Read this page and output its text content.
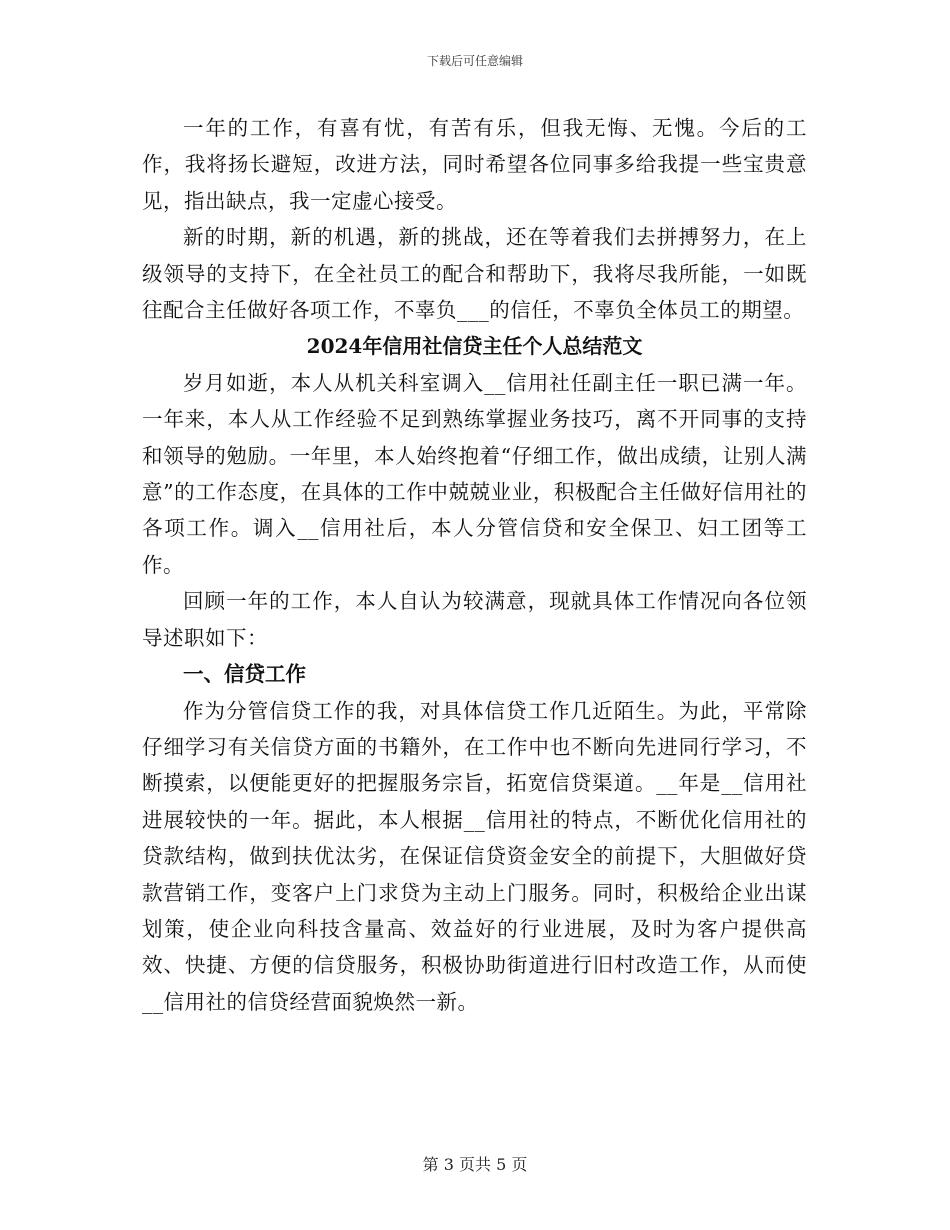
下载后可任意编辑

一年的工作，有喜有忧，有苦有乐，但我无悔、无愧。今后的工作，我将扬长避短，改进方法，同时希望各位同事多给我提一些宝贵意见，指出缺点，我一定虚心接受。

新的时期，新的机遇，新的挑战，还在等着我们去拼搏努力，在上级领导的支持下，在全社员工的配合和帮助下，我将尽我所能，一如既往配合主任做好各项工作，不辜负___的信任，不辜负全体员工的期望。

2024年信用社信贷主任个人总结范文

岁月如逝，本人从机关科室调入__信用社任副主任一职已满一年。一年来，本人从工作经验不足到熟练掌握业务技巧，离不开同事的支持和领导的勉励。一年里，本人始终抱着“仔细工作，做出成绩，让别人满意”的工作态度，在具体的工作中兢兢业业，积极配合主任做好信用社的各项工作。调入__信用社后，本人分管信贷和安全保卫、妇工团等工作。

回顾一年的工作，本人自认为较满意，现就具体工作情况向各位领导述职如下：

一、信贷工作

作为分管信贷工作的我，对具体信贷工作几近陌生。为此，平常除仔细学习有关信贷方面的书籍外，在工作中也不断向先进同行学习，不断摸索，以便能更好的把握服务宗旨，拓宽信贷渠道。__年是__信用社进展较快的一年。据此，本人根据__信用社的特点，不断优化信用社的贷款结构，做到扶优汰劣，在保证信贷资金安全的前提下，大胆做好贷款营销工作，变客户上门求贷为主动上门服务。同时，积极给企业出谋划策，使企业向科技含量高、效益好的行业进展，及时为客户提供高效、快捷、方便的信贷服务，积极协助街道进行旧村改造工作，从而使__信用社的信贷经营面貌焕然一新。

第 3 页共 5 页
